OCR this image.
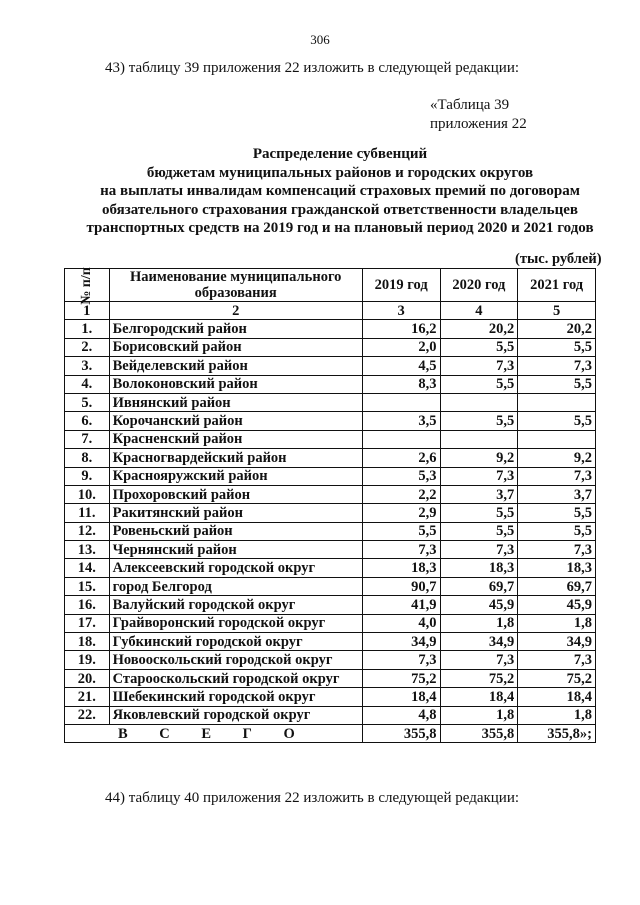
306
43) таблицу 39 приложения 22 изложить в следующей редакции:
«Таблица 39
приложения 22
Распределение субвенций
бюджетам муниципальных районов и городских округов
на выплаты инвалидам компенсаций страховых премий по договорам
обязательного страхования гражданской ответственности владельцев
транспортных средств на 2019 год и на плановый период 2020 и 2021 годов
(тыс. рублей)
№ п/п	Наименование муниципального образования	2019 год	2020 год	2021 год
1	2	3	4	5
1.	Белгородский район	16,2	20,2	20,2
2.	Борисовский район	2,0	5,5	5,5
3.	Вейделевский район	4,5	7,3	7,3
4.	Волоконовский район	8,3	5,5	5,5
5.	Ивнянский район			
6.	Корочанский район	3,5	5,5	5,5
7.	Красненский район			
8.	Красногвардейский район	2,6	9,2	9,2
9.	Краснояружский район	5,3	7,3	7,3
10.	Прохоровский район	2,2	3,7	3,7
11.	Ракитянский район	2,9	5,5	5,5
12.	Ровеньский район	5,5	5,5	5,5
13.	Чернянский район	7,3	7,3	7,3
14.	Алексеевский городской округ	18,3	18,3	18,3
15.	город Белгород	90,7	69,7	69,7
16.	Валуйский городской округ	41,9	45,9	45,9
17.	Грайворонский городской округ	4,0	1,8	1,8
18.	Губкинский городской округ	34,9	34,9	34,9
19.	Новооскольский городской округ	7,3	7,3	7,3
20.	Старооскольский городской округ	75,2	75,2	75,2
21.	Шебекинский городской округ	18,4	18,4	18,4
22.	Яковлевский городской округ	4,8	1,8	1,8
В С Е Г О		355,8	355,8	355,8»;
44) таблицу 40 приложения 22 изложить в следующей редакции:
